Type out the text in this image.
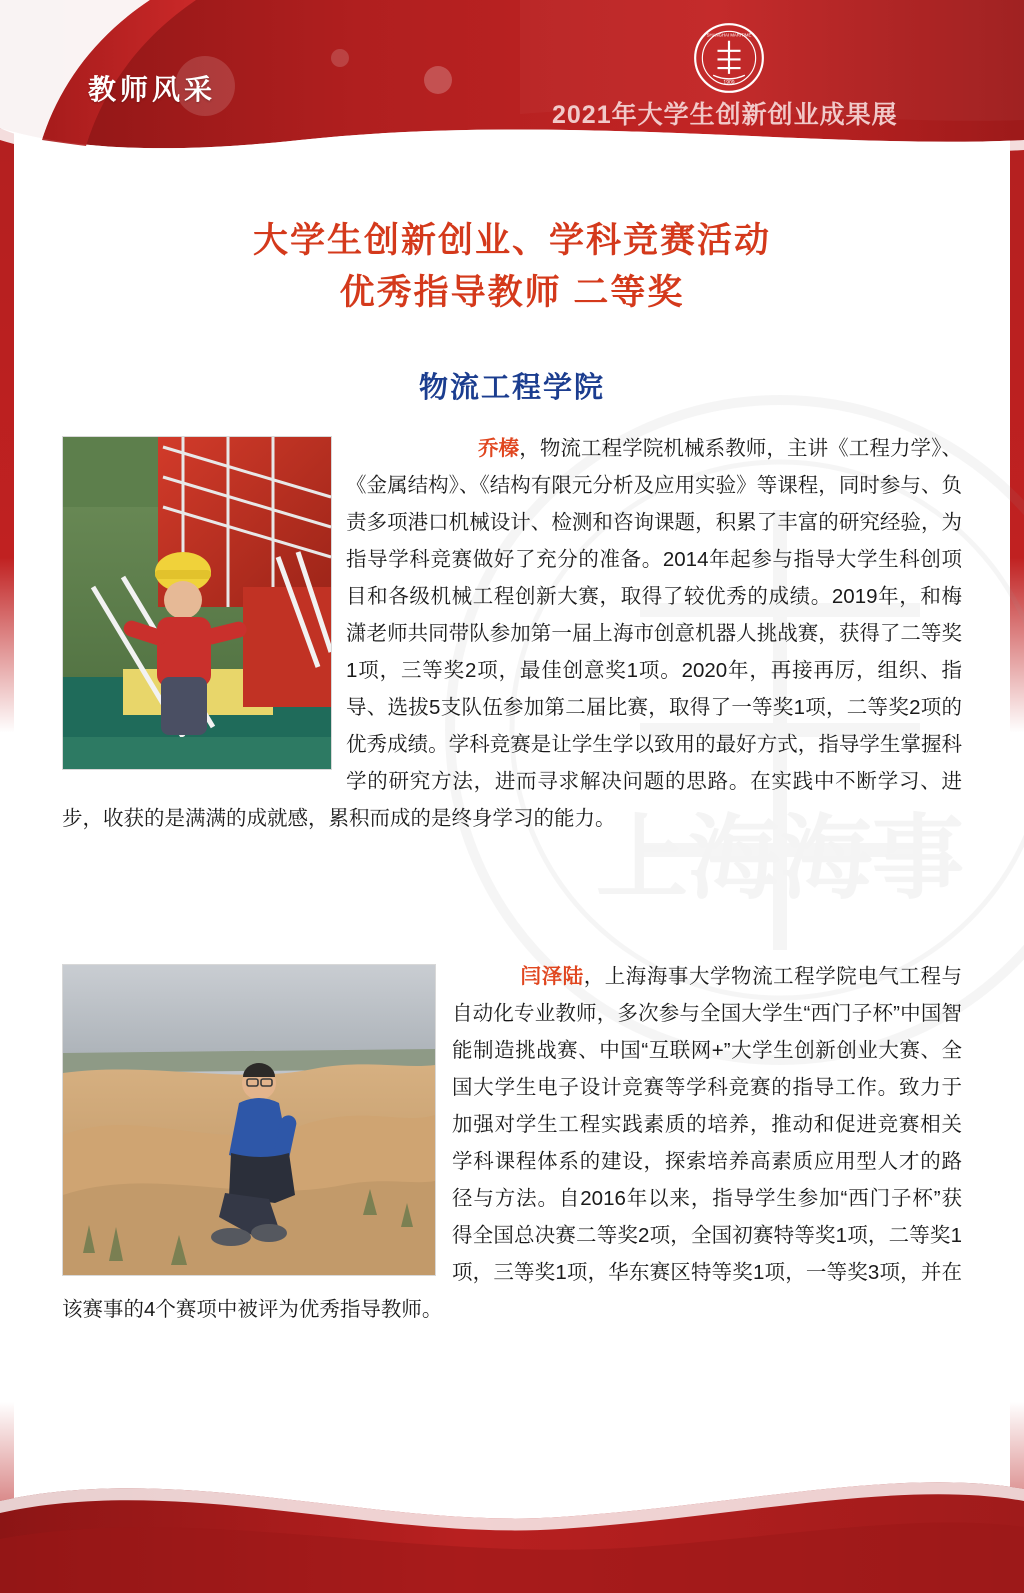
SHANGHAI MARITIME
1909
教师风采
2021年大学生创新创业成果展
上海海事
大学生创新创业、学科竞赛活动
优秀指导教师 二等奖
物流工程学院
乔榛，物流工程学院机械系教师，主讲《工程力学》、《金属结构》、《结构有限元分析及应用实验》等课程，同时参与、负责多项港口机械设计、检测和咨询课题，积累了丰富的研究经验，为指导学科竞赛做好了充分的准备。2014年起参与指导大学生科创项目和各级机械工程创新大赛，取得了较优秀的成绩。2019年，和梅潇老师共同带队参加第一届上海市创意机器人挑战赛，获得了二等奖1项，三等奖2项，最佳创意奖1项。2020年，再接再厉，组织、指导、选拔5支队伍参加第二届比赛，取得了一等奖1项，二等奖2项的优秀成绩。学科竞赛是让学生学以致用的最好方式，指导学生掌握科学的研究方法，进而寻求解决问题的思路。在实践中不断学习、进步，收获的是满满的成就感，累积而成的是终身学习的能力。
闫泽陆，上海海事大学物流工程学院电气工程与自动化专业教师，多次参与全国大学生“西门子杯”中国智能制造挑战赛、中国“互联网+”大学生创新创业大赛、全国大学生电子设计竞赛等学科竞赛的指导工作。致力于加强对学生工程实践素质的培养，推动和促进竞赛相关学科课程体系的建设，探索培养高素质应用型人才的路径与方法。自2016年以来，指导学生参加“西门子杯”获得全国总决赛二等奖2项，全国初赛特等奖1项，二等奖1项，三等奖1项，华东赛区特等奖1项，一等奖3项，并在该赛事的4个赛项中被评为优秀指导教师。
